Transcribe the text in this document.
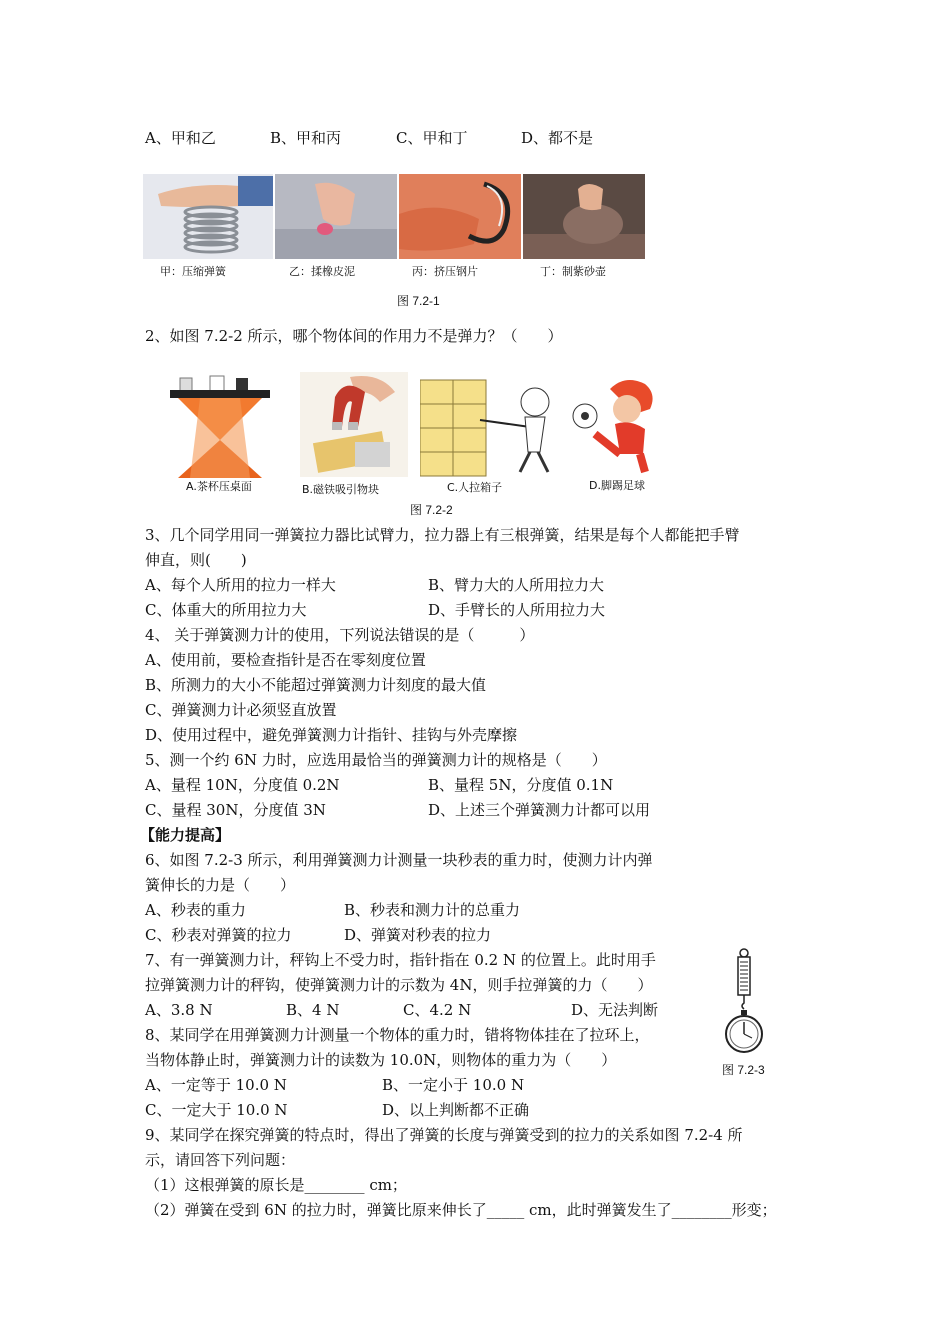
A、甲和乙	B、甲和丙	C、甲和丁	D、都不是
甲：压缩弹簧	乙：揉橡皮泥	丙：挤压钢片	丁：制紫砂壶
图 7.2-1
2、如图 7.2-2 所示，哪个物体间的作用力不是弹力？（　　）
A.茶杯压桌面	B.磁铁吸引物块	C.人拉箱子	D.脚踢足球
图 7.2-2
3、几个同学用同一弹簧拉力器比试臂力，拉力器上有三根弹簧，结果是每个人都能把手臂
伸直，则(　　)
A、每个人所用的拉力一样大	B、臂力大的人所用拉力大
C、体重大的所用拉力大	D、手臂长的人所用拉力大
4、 关于弹簧测力计的使用，下列说法错误的是（　　　）
A、使用前，要检查指针是否在零刻度位置
B、所测力的大小不能超过弹簧测力计刻度的最大值
C、弹簧测力计必须竖直放置
D、使用过程中，避免弹簧测力计指针、挂钩与外壳摩擦
5、测一个约 6N 力时，应选用最恰当的弹簧测力计的规格是（　　）
A、量程 10N，分度值 0.2N	B、量程 5N，分度值 0.1N
C、量程 30N，分度值 3N	D、上述三个弹簧测力计都可以用
【能力提高】
6、如图 7.2-3 所示，利用弹簧测力计测量一块秒表的重力时，使测力计内弹
簧伸长的力是（　　）
A、秒表的重力	B、秒表和测力计的总重力
C、秒表对弹簧的拉力	D、弹簧对秒表的拉力
7、有一弹簧测力计，秤钩上不受力时，指针指在 0.2 N 的位置上。此时用手
拉弹簧测力计的秤钩，使弹簧测力计的示数为 4N，则手拉弹簧的力（　　）
A、3.8 N	B、4 N	C、4.2 N	D、无法判断
8、某同学在用弹簧测力计测量一个物体的重力时，错将物体挂在了拉环上，
当物体静止时，弹簧测力计的读数为 10.0N，则物体的重力为（　　）
A、一定等于 10.0 N	B、一定小于 10.0 N
C、一定大于 10.0 N	D、以上判断都不正确
图 7.2-3
9、某同学在探究弹簧的特点时，得出了弹簧的长度与弹簧受到的拉力的关系如图 7.2-4 所
示，请回答下列问题：
（1）这根弹簧的原长是________ cm；
（2）弹簧在受到 6N 的拉力时，弹簧比原来伸长了_____ cm，此时弹簧发生了________形变；
